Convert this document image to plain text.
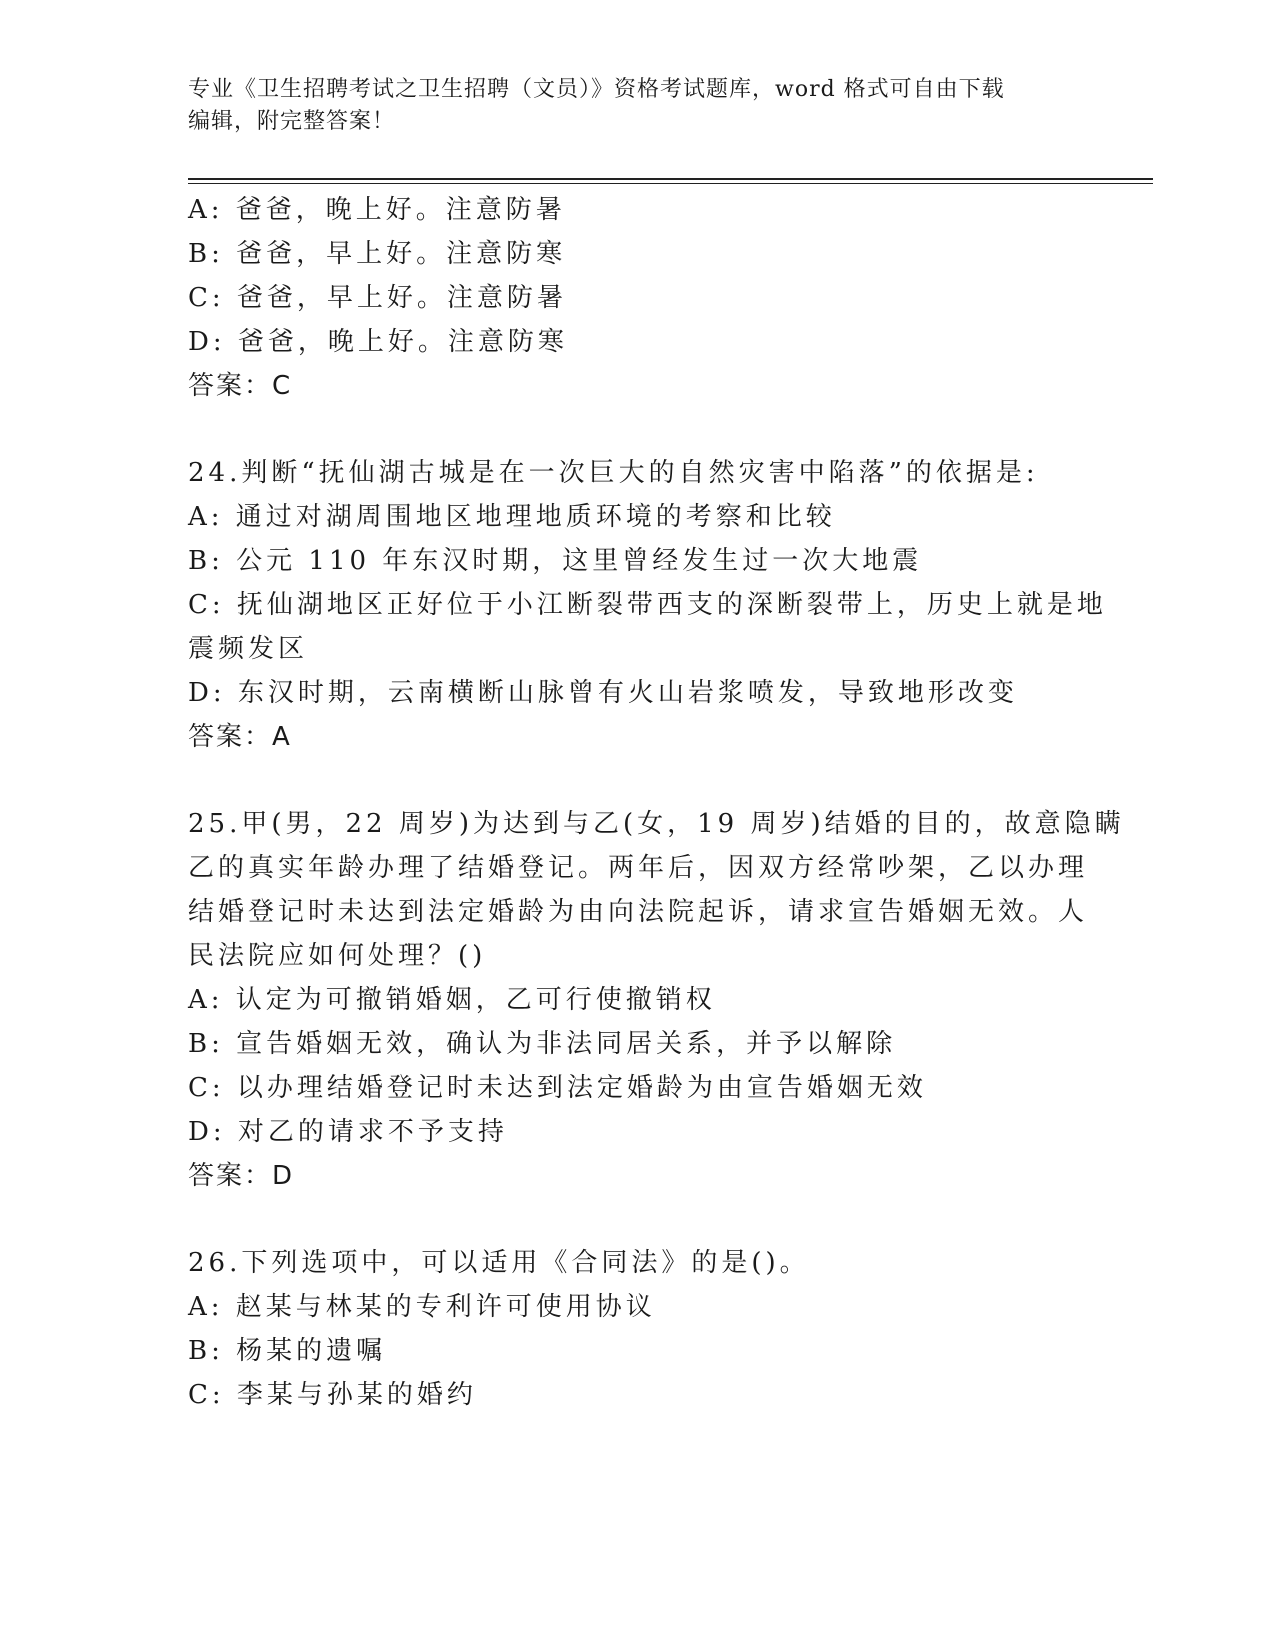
专业《卫生招聘考试之卫生招聘（文员）》资格考试题库，word 格式可自由下载
编辑，附完整答案！
A: 爸爸，晚上好。注意防暑
B: 爸爸，早上好。注意防寒
C: 爸爸，早上好。注意防暑
D: 爸爸，晚上好。注意防寒
答案：C
24.判断“抚仙湖古城是在一次巨大的自然灾害中陷落”的依据是:
A: 通过对湖周围地区地理地质环境的考察和比较
B: 公元 110 年东汉时期，这里曾经发生过一次大地震
C: 抚仙湖地区正好位于小江断裂带西支的深断裂带上，历史上就是地
震频发区
D: 东汉时期，云南横断山脉曾有火山岩浆喷发，导致地形改变
答案：A
25.甲(男，22 周岁)为达到与乙(女，19 周岁)结婚的目的，故意隐瞒
乙的真实年龄办理了结婚登记。两年后，因双方经常吵架，乙以办理
结婚登记时未达到法定婚龄为由向法院起诉，请求宣告婚姻无效。人
民法院应如何处理？()
A: 认定为可撤销婚姻，乙可行使撤销权
B: 宣告婚姻无效，确认为非法同居关系，并予以解除
C: 以办理结婚登记时未达到法定婚龄为由宣告婚姻无效
D: 对乙的请求不予支持
答案：D
26.下列选项中，可以适用《合同法》的是()。
A: 赵某与林某的专利许可使用协议
B: 杨某的遗嘱
C: 李某与孙某的婚约
